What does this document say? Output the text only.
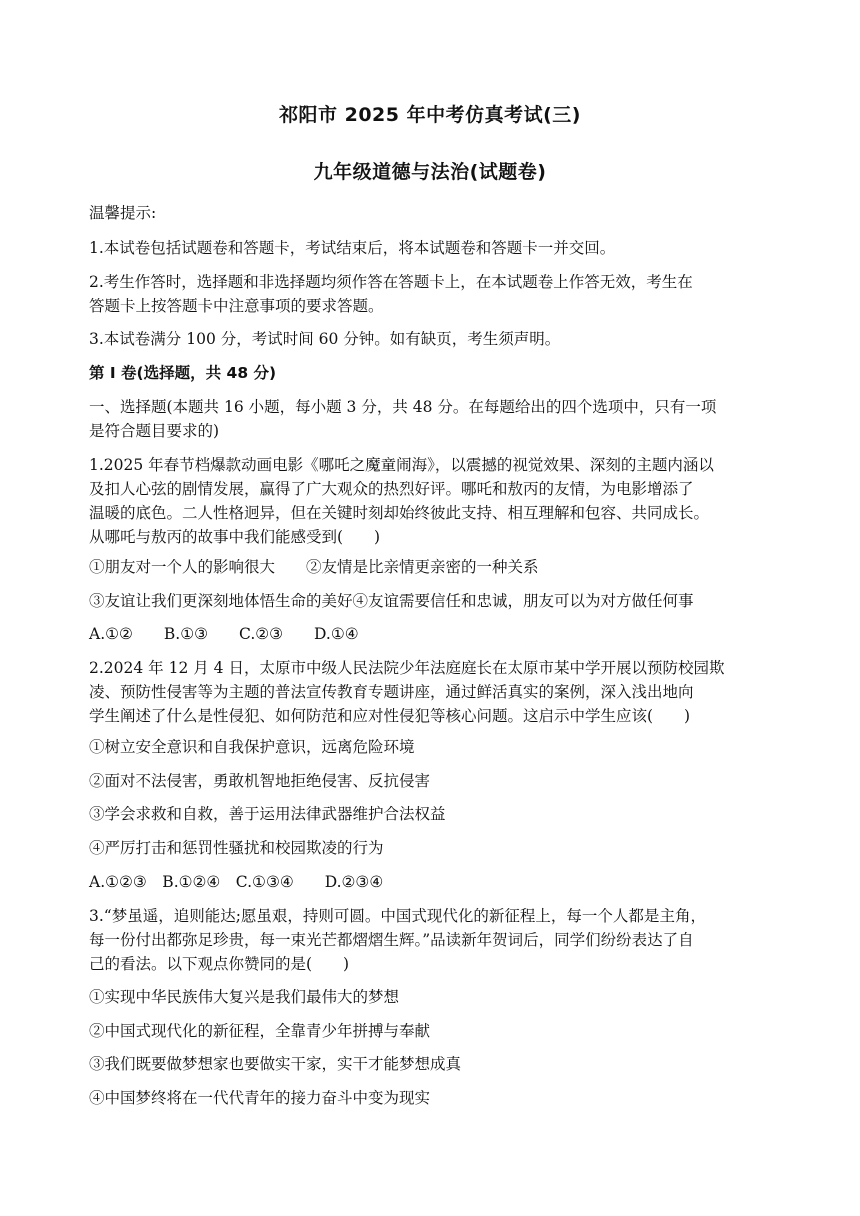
祁阳市 2025 年中考仿真考试(三)
九年级道德与法治(试题卷)
温馨提示:
1.本试卷包括试题卷和答题卡，考试结束后，将本试题卷和答题卡一并交回。
2.考生作答时，选择题和非选择题均须作答在答题卡上，在本试题卷上作答无效，考生在
答题卡上按答题卡中注意事项的要求答题。
3.本试卷满分 100 分，考试时间 60 分钟。如有缺页，考生须声明。
第 I 卷(选择题，共 48 分)
一、选择题(本题共 16 小题，每小题 3 分，共 48 分。在每题给出的四个选项中，只有一项
是符合题目要求的)
1.2025 年春节档爆款动画电影《哪吒之魔童闹海》，以震撼的视觉效果、深刻的主题内涵以
及扣人心弦的剧情发展，赢得了广大观众的热烈好评。哪吒和敖丙的友情，为电影增添了
温暖的底色。二人性格迥异，但在关键时刻却始终彼此支持、相互理解和包容、共同成长。
从哪吒与敖丙的故事中我们能感受到(　　)
①朋友对一个人的影响很大　　②友情是比亲情更亲密的一种关系
③友谊让我们更深刻地体悟生命的美好④友谊需要信任和忠诚，朋友可以为对方做任何事
A.①②　　B.①③　　C.②③　　D.①④
2.2024 年 12 月 4 日，太原市中级人民法院少年法庭庭长在太原市某中学开展以预防校园欺
凌、预防性侵害等为主题的普法宣传教育专题讲座，通过鲜活真实的案例，深入浅出地向
学生阐述了什么是性侵犯、如何防范和应对性侵犯等核心问题。这启示中学生应该(　　)
①树立安全意识和自我保护意识，远离危险环境
②面对不法侵害，勇敢机智地拒绝侵害、反抗侵害
③学会求救和自救，善于运用法律武器维护合法权益
④严厉打击和惩罚性骚扰和校园欺凌的行为
A.①②③　B.①②④　C.①③④　　D.②③④
3.“梦虽遥，追则能达;愿虽艰，持则可圆。中国式现代化的新征程上，每一个人都是主角，
每一份付出都弥足珍贵，每一束光芒都熠熠生辉。”品读新年贺词后，同学们纷纷表达了自
己的看法。以下观点你赞同的是(　　)
①实现中华民族伟大复兴是我们最伟大的梦想
②中国式现代化的新征程，全靠青少年拼搏与奉献
③我们既要做梦想家也要做实干家，实干才能梦想成真
④中国梦终将在一代代青年的接力奋斗中变为现实
